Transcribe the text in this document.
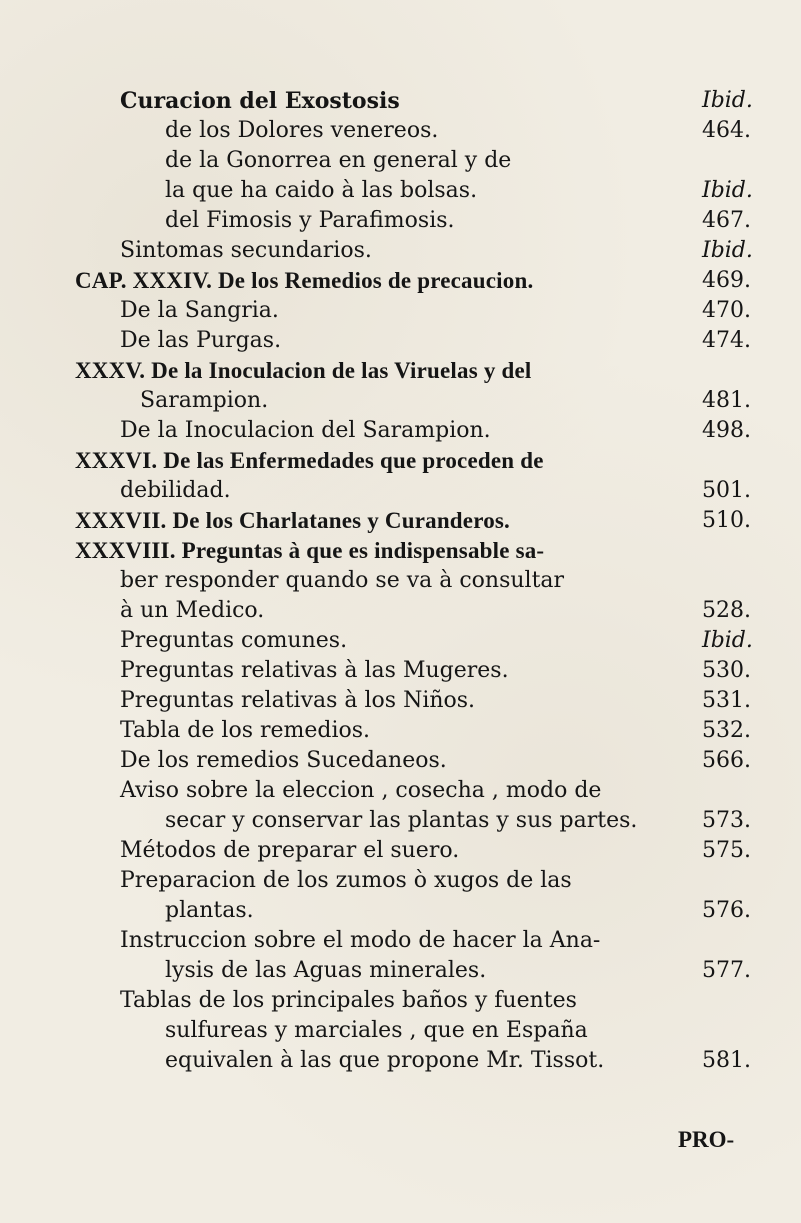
Curacion del Exostosis	Ibid.
de los Dolores venereos.	464.
de la Gonorrea en general y de
la que ha caido à las bolsas.	Ibid.
del Fimosis y Parafimosis.	467.
Sintomas secundarios.	Ibid.
CAP. XXXIV. De los Remedios de precaucion.	469.
De la Sangria.	470.
De las Purgas.	474.
XXXV. De la Inoculacion de las Viruelas y del
Sarampion.	481.
De la Inoculacion del Sarampion.	498.
XXXVI. De las Enfermedades que proceden de
debilidad.	501.
XXXVII. De los Charlatanes y Curanderos.	510.
XXXVIII. Preguntas à que es indispensable sa-
ber responder quando se va à consultar
à un Medico.	528.
Preguntas comunes.	Ibid.
Preguntas relativas à las Mugeres.	530.
Preguntas relativas à los Niños.	531.
Tabla de los remedios.	532.
De los remedios Sucedaneos.	566.
Aviso sobre la eleccion , cosecha , modo de
secar y conservar las plantas y sus partes.	573.
Métodos de preparar el suero.	575.
Preparacion de los zumos ò xugos de las
plantas.	576.
Instruccion sobre el modo de hacer la Ana-
lysis de las Aguas minerales.	577.
Tablas de los principales baños y fuentes
sulfureas y marciales , que en España
equivalen à las que propone Mr. Tissot.	581.
PRO-
